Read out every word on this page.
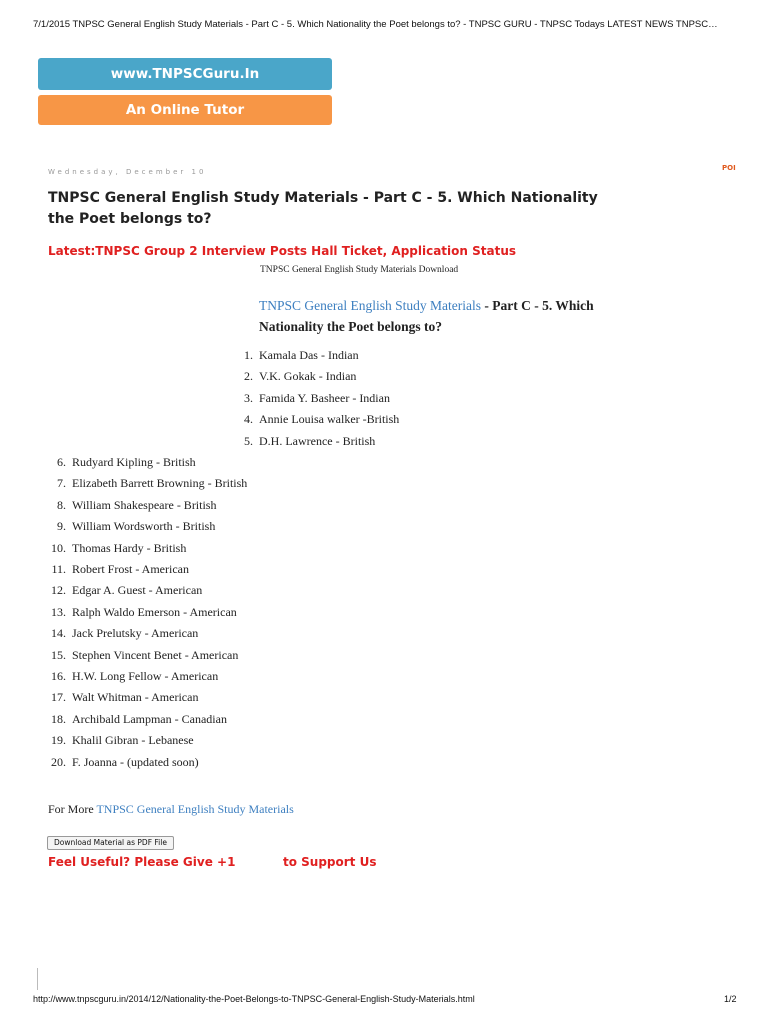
7/1/2015 TNPSC General English Study Materials - Part C - 5. Which Nationality the Poet belongs to? - TNPSC GURU - TNPSC Todays LATEST NEWS TNPSC…
www.TNPSCGuru.In
An Online Tutor
Wednesday, December 10	POI
TNPSC General English Study Materials - Part C - 5. Which Nationality the Poet belongs to?
Latest:TNPSC Group 2 Interview Posts Hall Ticket, Application Status
TNPSC General English Study Materials Download
TNPSC General English Study Materials - Part C - 5. Which Nationality the Poet belongs to?
1. Kamala Das - Indian
2. V.K. Gokak - Indian
3. Famida Y. Basheer - Indian
4. Annie Louisa walker -British
5. D.H. Lawrence - British
6. Rudyard Kipling - British
7. Elizabeth Barrett Browning - British
8. William Shakespeare - British
9. William Wordsworth - British
10. Thomas Hardy - British
11. Robert Frost - American
12. Edgar A. Guest - American
13. Ralph Waldo Emerson - American
14. Jack Prelutsky - American
15. Stephen Vincent Benet - American
16. H.W. Long Fellow - American
17. Walt Whitman - American
18. Archibald Lampman - Canadian
19. Khalil Gibran - Lebanese
20. F. Joanna - (updated soon)
For More TNPSC General English Study Materials
Download Material as PDF File
Feel Useful? Please Give +1	to Support Us
http://www.tnpscguru.in/2014/12/Nationality-the-Poet-Belongs-to-TNPSC-General-English-Study-Materials.html	1/2
